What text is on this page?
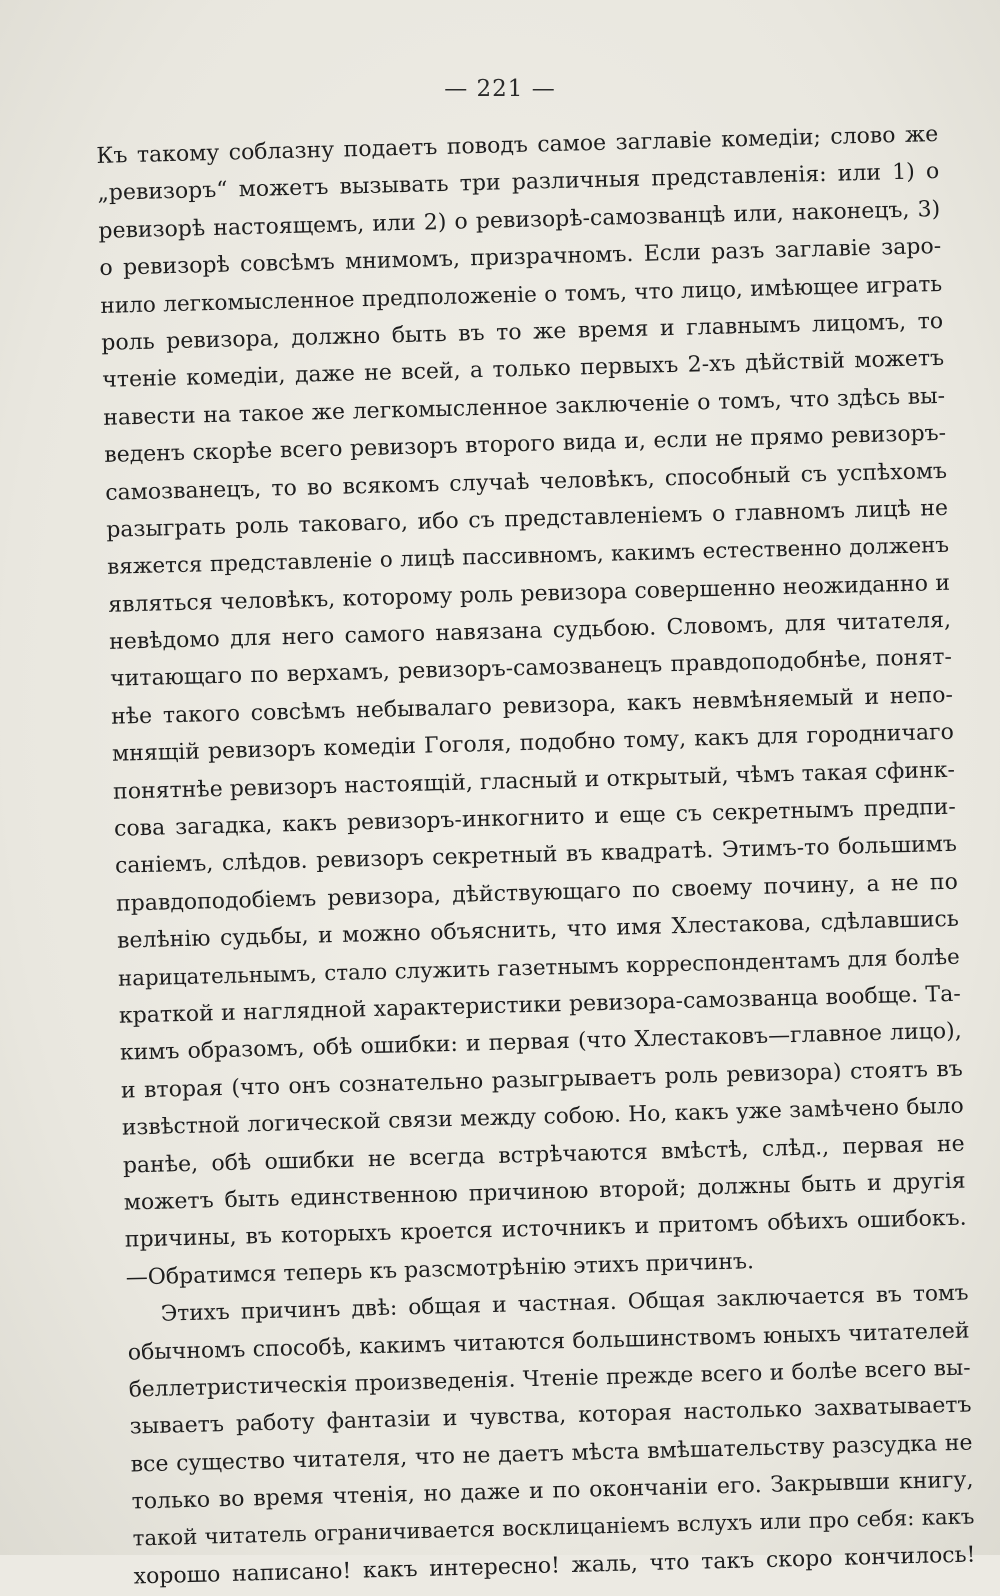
— 221 —
Къ такому соблазну подаетъ поводъ самое заглавіе комедіи; слово же
„ревизоръ“ можетъ вызывать три различныя представленія: или 1) о
ревизорѣ настоящемъ, или 2) о ревизорѣ-самозванцѣ или, наконецъ, 3)
о ревизорѣ совсѣмъ мнимомъ, призрачномъ. Если разъ заглавіе заро-
нило легкомысленное предположеніе о томъ, что лицо, имѣющее играть
роль ревизора, должно быть въ то же время и главнымъ лицомъ, то
чтеніе комедіи, даже не всей, а только первыхъ 2-хъ дѣйствій можетъ
навести на такое же легкомысленное заключеніе о томъ, что здѣсь вы-
веденъ скорѣе всего ревизоръ второго вида и, если не прямо ревизоръ-
самозванецъ, то во всякомъ случаѣ человѣкъ, способный съ успѣхомъ
разыграть роль таковаго, ибо съ представленіемъ о главномъ лицѣ не
вяжется представленіе о лицѣ пассивномъ, какимъ естественно долженъ
являться человѣкъ, которому роль ревизора совершенно неожиданно и
невѣдомо для него самого навязана судьбою. Словомъ, для читателя,
читающаго по верхамъ, ревизоръ-самозванецъ правдоподобнѣе, понят-
нѣе такого совсѣмъ небывалаго ревизора, какъ невмѣняемый и непо-
мнящій ревизоръ комедіи Гоголя, подобно тому, какъ для городничаго
понятнѣе ревизоръ настоящій, гласный и открытый, чѣмъ такая сфинк-
сова загадка, какъ ревизоръ-инкогнито и еще съ секретнымъ предпи-
саніемъ, слѣдов. ревизоръ секретный въ квадратѣ. Этимъ-то большимъ
правдоподобіемъ ревизора, дѣйствующаго по своему почину, а не по
велѣнію судьбы, и можно объяснить, что имя Хлестакова, сдѣлавшись
нарицательнымъ, стало служить газетнымъ корреспондентамъ для болѣе
краткой и наглядной характеристики ревизора-самозванца вообще. Та-
кимъ образомъ, обѣ ошибки: и первая (что Хлестаковъ—главное лицо),
и вторая (что онъ сознательно разыгрываетъ роль ревизора) стоятъ въ
извѣстной логической связи между собою. Но, какъ уже замѣчено было
ранѣе, обѣ ошибки не всегда встрѣчаются вмѣстѣ, слѣд., первая не
можетъ быть единственною причиною второй; должны быть и другія
причины, въ которыхъ кроется источникъ и притомъ обѣихъ ошибокъ.
—Обратимся теперь къ разсмотрѣнію этихъ причинъ.
Этихъ причинъ двѣ: общая и частная. Общая заключается въ томъ
обычномъ способѣ, какимъ читаются большинствомъ юныхъ читателей
беллетристическія произведенія. Чтеніе прежде всего и болѣе всего вы-
зываетъ работу фантазіи и чувства, которая настолько захватываетъ
все существо читателя, что не даетъ мѣста вмѣшательству разсудка не
только во время чтенія, но даже и по окончаніи его. Закрывши книгу,
такой читатель ограничивается восклицаніемъ вслухъ или про себя: какъ
хорошо написано! какъ интересно! жаль, что такъ скоро кончилось!
